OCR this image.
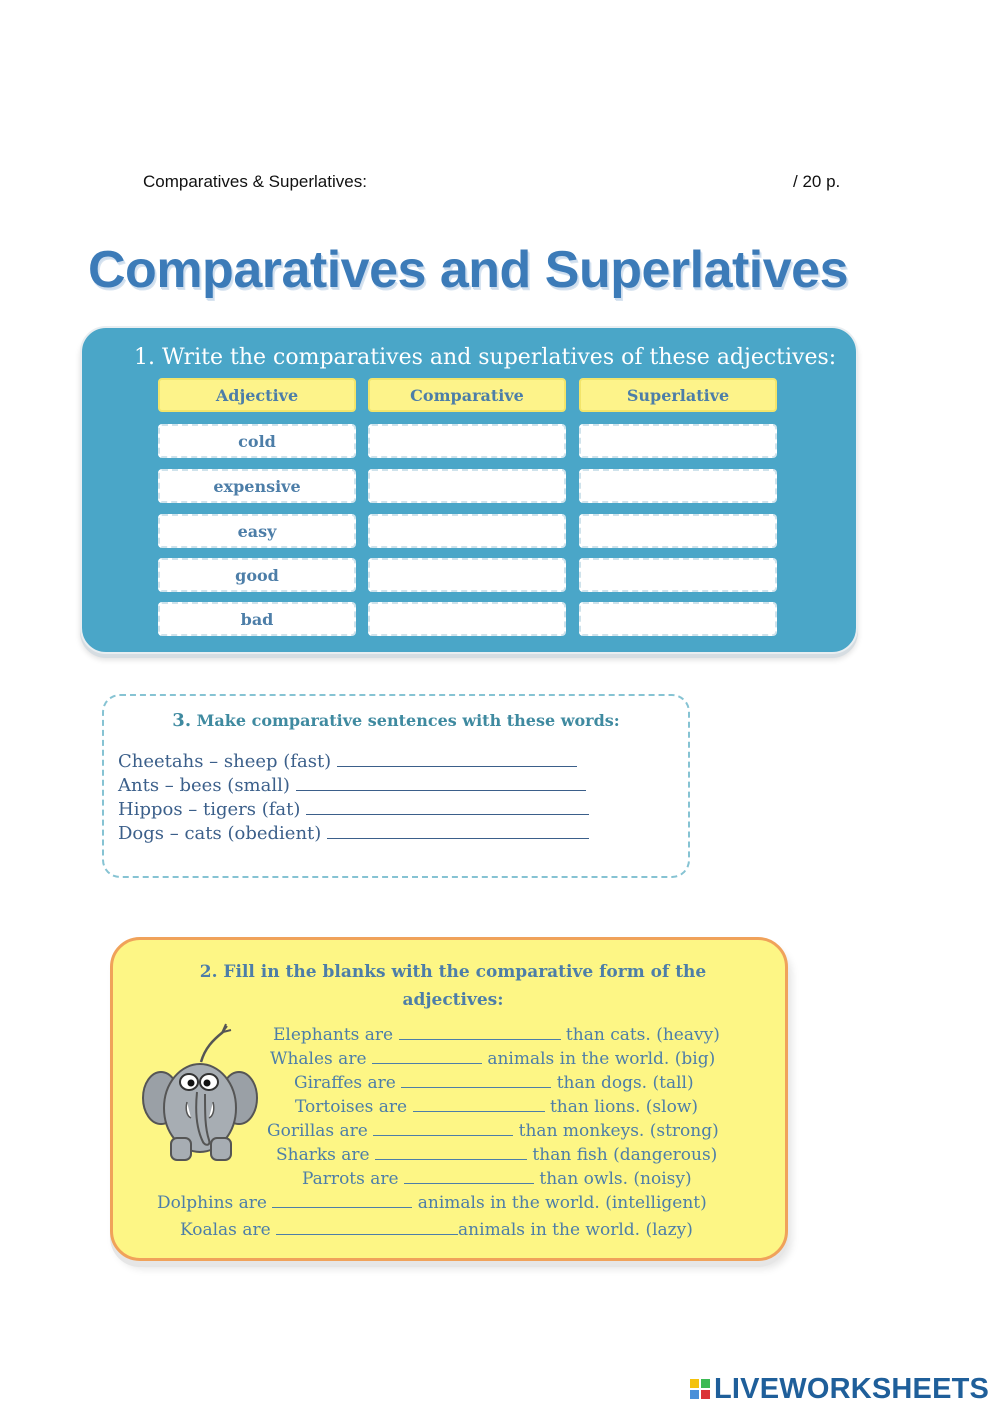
Comparatives & Superlatives:	/ 20 p.
Comparatives and Superlatives
1. Write the comparatives and superlatives of these adjectives:
Adjective	Comparative	Superlative
cold
expensive
easy
good
bad
3. Make comparative sentences with these words:
Cheetahs – sheep (fast)
Ants – bees (small)
Hippos – tigers (fat)
Dogs – cats (obedient)
2. Fill in the blanks with the comparative form of the
adjectives:
Elephants are	than cats. (heavy)
Whales are	animals in the world. (big)
Giraffes are	than dogs. (tall)
Tortoises are	than lions. (slow)
Gorillas are	than monkeys. (strong)
Sharks are	than fish (dangerous)
Parrots are	than owls. (noisy)
Dolphins are	animals in the world. (intelligent)
Koalas are	animals in the world. (lazy)
LIVEWORKSHEETS
